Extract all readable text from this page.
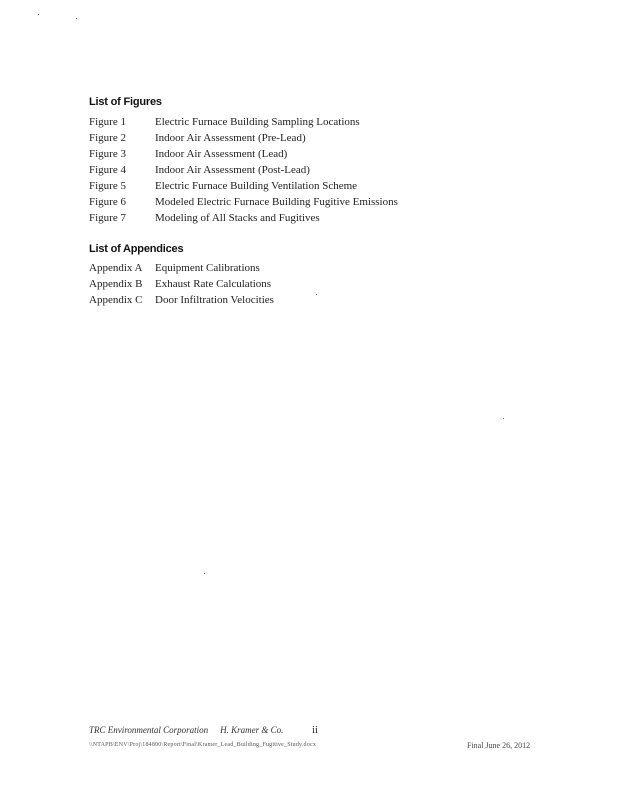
List of Figures
Figure 1	Electric Furnace Building Sampling Locations
Figure 2	Indoor Air Assessment (Pre-Lead)
Figure 3	Indoor Air Assessment (Lead)
Figure 4	Indoor Air Assessment (Post-Lead)
Figure 5	Electric Furnace Building Ventilation Scheme
Figure 6	Modeled Electric Furnace Building Fugitive Emissions
Figure 7	Modeling of All Stacks and Fugitives
List of Appendices
Appendix A Equipment Calibrations
Appendix B Exhaust Rate Calculations
Appendix C Door Infiltration Velocities
TRC Environmental Corporation H. Kramer & Co.	ii
\\NTAPB\ENV\Proj\184800\Report\Final\Kramer_Lead_Building_Fugitive_Study.docx	Final June 26, 2012
